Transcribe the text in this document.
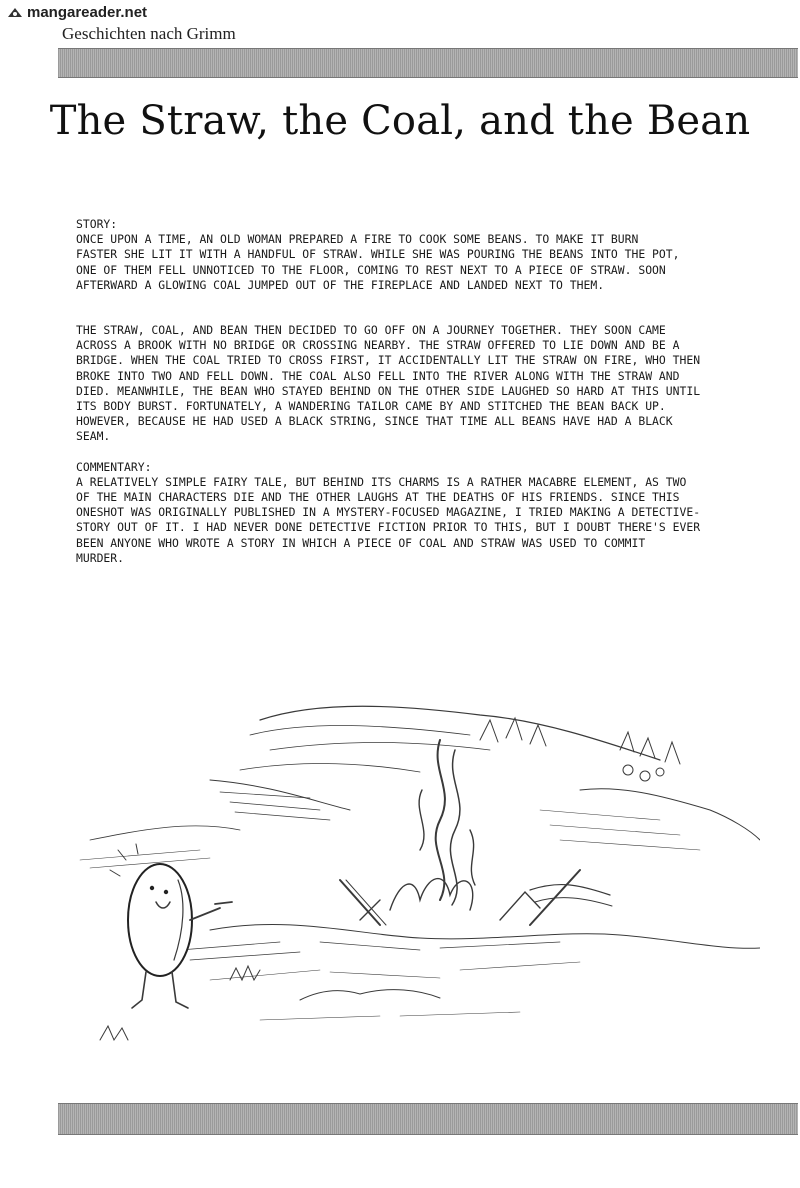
mangareader.net
Geschichten nach Grimm
The Straw, the Coal, and the Bean

STORY:

ONCE UPON A TIME, AN OLD WOMAN PREPARED A FIRE TO COOK SOME BEANS. TO MAKE IT BURN

FASTER SHE LIT IT WITH A HANDFUL OF STRAW. WHILE SHE WAS POURING THE BEANS INTO THE POT,

ONE OF THEM FELL UNNOTICED TO THE FLOOR, COMING TO REST NEXT TO A PIECE OF STRAW. SOON

AFTERWARD A GLOWING COAL JUMPED OUT OF THE FIREPLACE AND LANDED NEXT TO THEM.

THE STRAW, COAL, AND BEAN THEN DECIDED TO GO OFF ON A JOURNEY TOGETHER. THEY SOON CAME

ACROSS A BROOK WITH NO BRIDGE OR CROSSING NEARBY. THE STRAW OFFERED TO LIE DOWN AND BE A

BRIDGE. WHEN THE COAL TRIED TO CROSS FIRST, IT ACCIDENTALLY LIT THE STRAW ON FIRE, WHO THEN

BROKE INTO TWO AND FELL DOWN. THE COAL ALSO FELL INTO THE RIVER ALONG WITH THE STRAW AND

DIED. MEANWHILE, THE BEAN WHO STAYED BEHIND ON THE OTHER SIDE LAUGHED SO HARD AT THIS UNTIL

ITS BODY BURST. FORTUNATELY, A WANDERING TAILOR CAME BY AND STITCHED THE BEAN BACK UP.

HOWEVER, BECAUSE HE HAD USED A BLACK STRING, SINCE THAT TIME ALL BEANS HAVE HAD A BLACK

SEAM.

COMMENTARY:

A RELATIVELY SIMPLE FAIRY TALE, BUT BEHIND ITS CHARMS IS A RATHER MACABRE ELEMENT, AS TWO

OF THE MAIN CHARACTERS DIE AND THE OTHER LAUGHS AT THE DEATHS OF HIS FRIENDS. SINCE THIS

ONESHOT WAS ORIGINALLY PUBLISHED IN A MYSTERY-FOCUSED MAGAZINE, I TRIED MAKING A DETECTIVE-

STORY OUT OF IT. I HAD NEVER DONE DETECTIVE FICTION PRIOR TO THIS, BUT I DOUBT THERE'S EVER

BEEN ANYONE WHO WROTE A STORY IN WHICH A PIECE OF COAL AND STRAW WAS USED TO COMMIT

MURDER.
